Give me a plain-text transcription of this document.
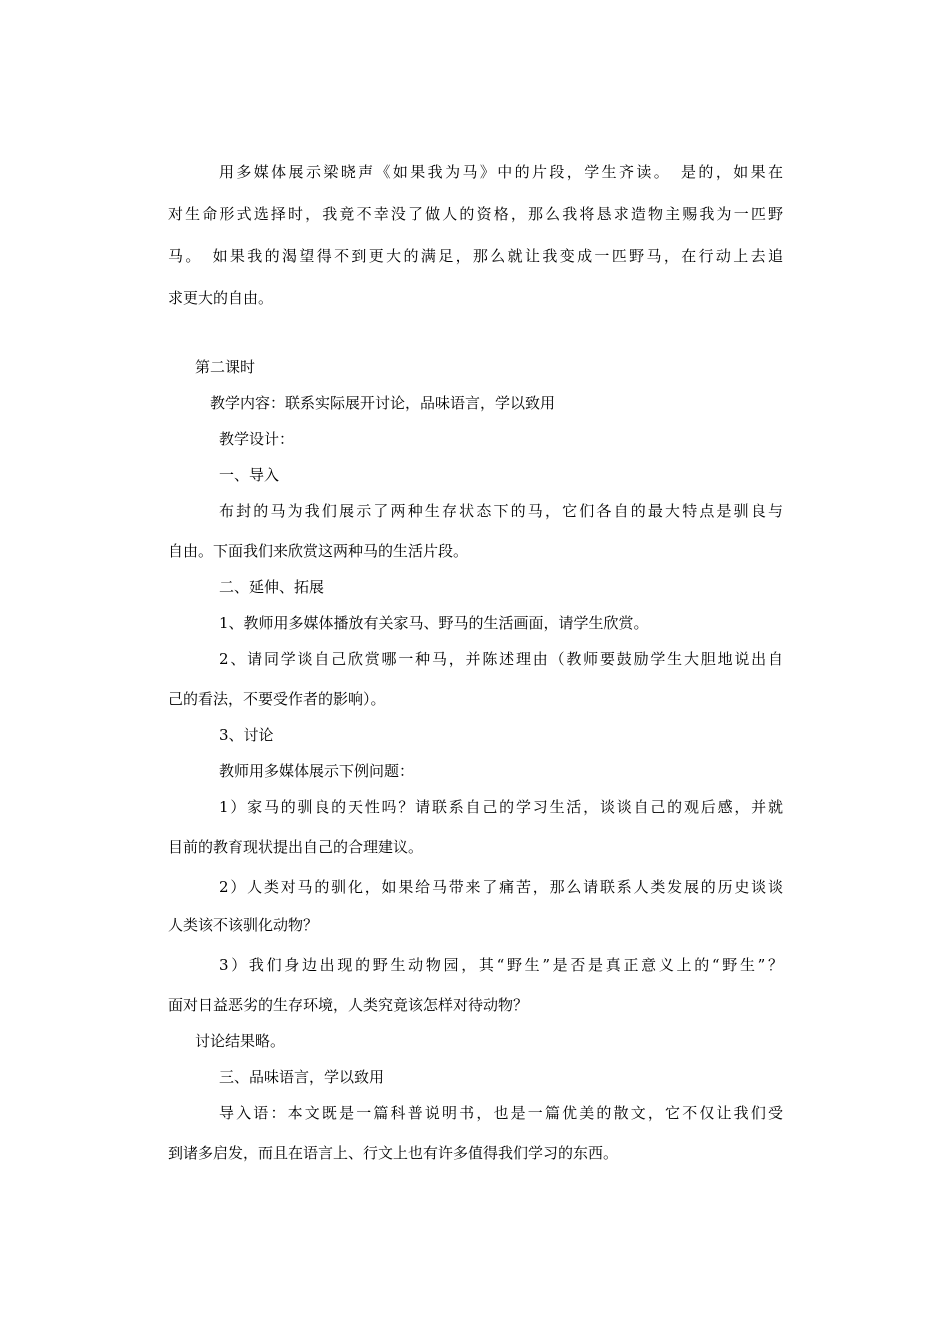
用多媒体展示梁晓声《如果我为马》中的片段，学生齐读。　是的，如果在
对生命形式选择时，我竟不幸没了做人的资格，那么我将恳求造物主赐我为一匹野
马。　如果我的渴望得不到更大的满足，那么就让我变成一匹野马，在行动上去追
求更大的自由。
第二课时
教学内容：联系实际展开讨论，品味语言，学以致用
教学设计：
一、导入
布封的马为我们展示了两种生存状态下的马，它们各自的最大特点是驯良与
自由。下面我们来欣赏这两种马的生活片段。
二、延伸、拓展
1、教师用多媒体播放有关家马、野马的生活画面，请学生欣赏。
2、请同学谈自己欣赏哪一种马，并陈述理由（教师要鼓励学生大胆地说出自
己的看法，不要受作者的影响）。
3、讨论
教师用多媒体展示下例问题：
1）家马的驯良的天性吗？请联系自己的学习生活，谈谈自己的观后感，并就
目前的教育现状提出自己的合理建议。
2）人类对马的驯化，如果给马带来了痛苦，那么请联系人类发展的历史谈谈
人类该不该驯化动物？
3）我们身边出现的野生动物园，其“野生”是否是真正意义上的“野生”？
面对日益恶劣的生存环境，人类究竟该怎样对待动物？
讨论结果略。
三、品味语言，学以致用
导入语：本文既是一篇科普说明书，也是一篇优美的散文，它不仅让我们受
到诸多启发，而且在语言上、行文上也有许多值得我们学习的东西。
